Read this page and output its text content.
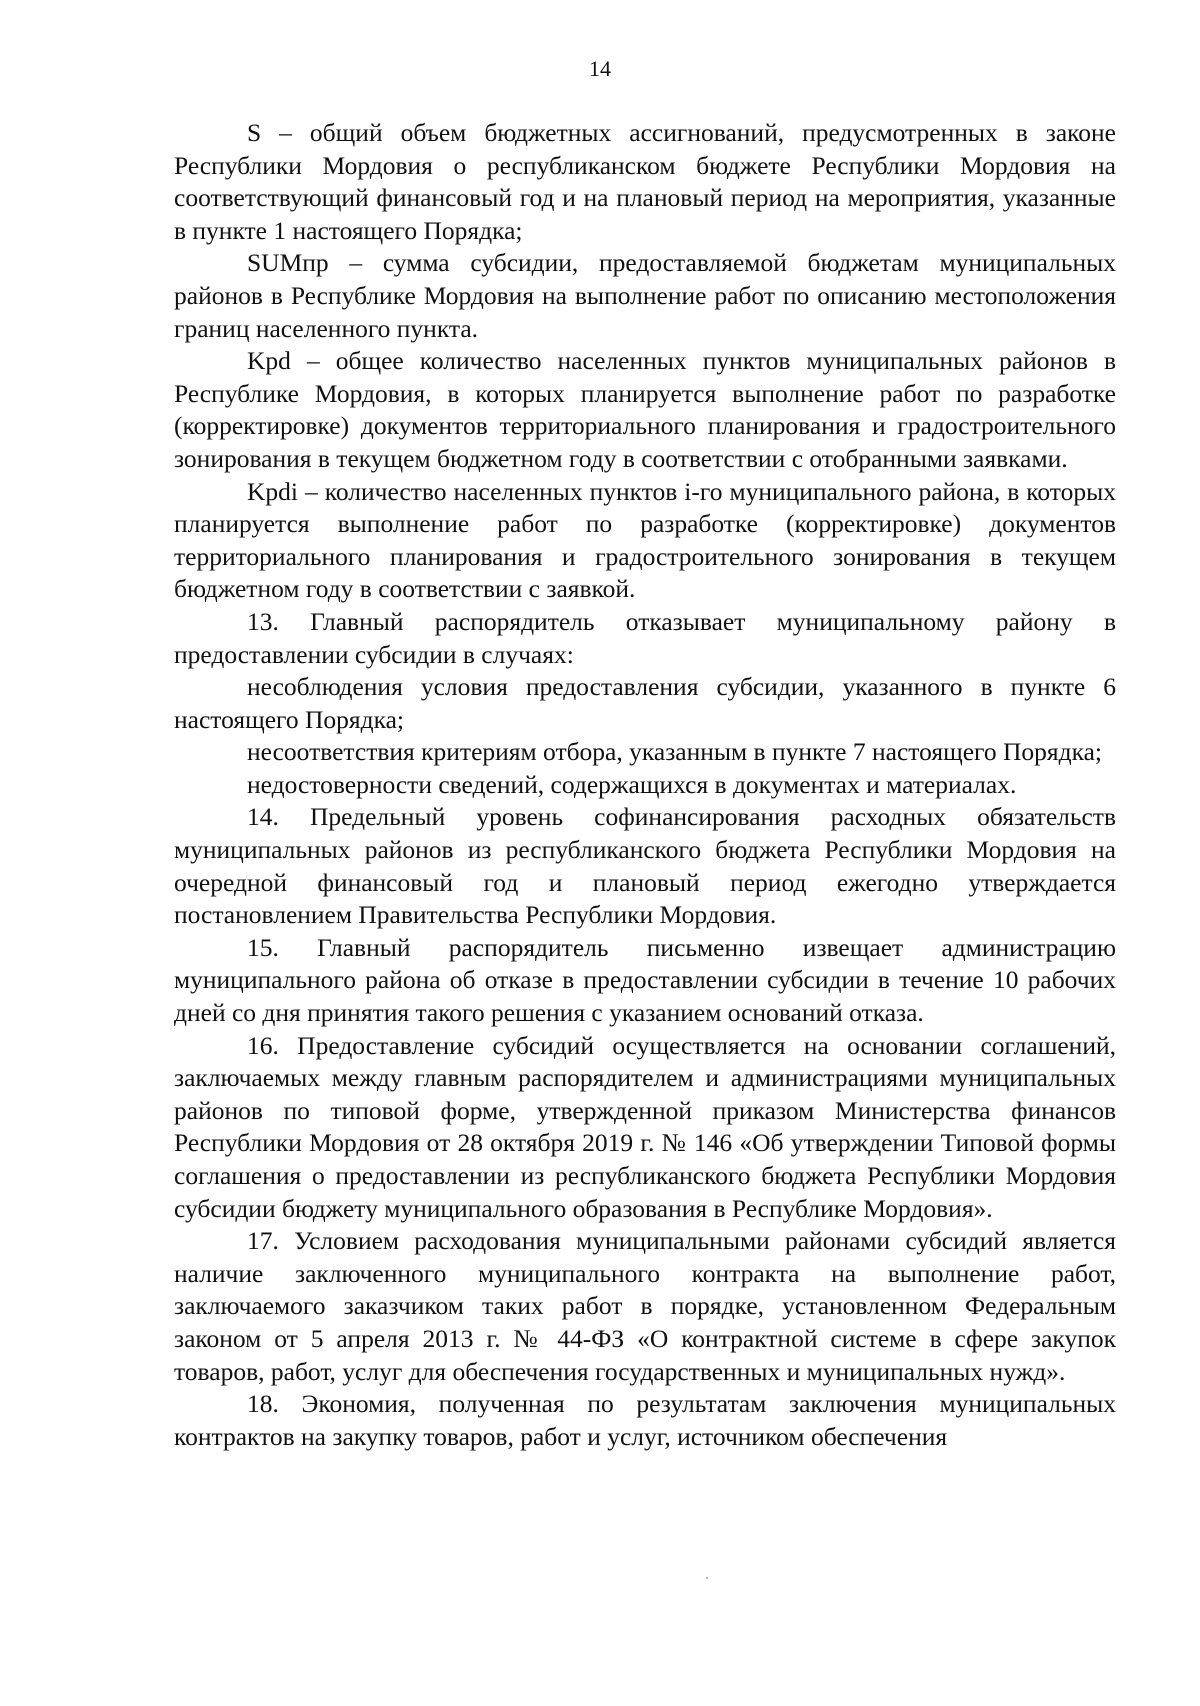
14

S – общий объем бюджетных ассигнований, предусмотренных в законе Республики Мордовия о республиканском бюджете Республики Мордовия на соответствующий финансовый год и на плановый период на мероприятия, указанные в пункте 1 настоящего Порядка;

SUMпр – сумма субсидии, предоставляемой бюджетам муниципальных районов в Республике Мордовия на выполнение работ по описанию местоположения границ населенного пункта.

Kpd – общее количество населенных пунктов муниципальных районов в Республике Мордовия, в которых планируется выполнение работ по разработке (корректировке) документов территориального планирования и градостроительного зонирования в текущем бюджетном году в соответствии с отобранными заявками.

Kpdi – количество населенных пунктов i-го муниципального района, в которых планируется выполнение работ по разработке (корректировке) документов территориального планирования и градостроительного зонирования в текущем бюджетном году в соответствии с заявкой.

13. Главный распорядитель отказывает муниципальному району в предоставлении субсидии в случаях:

несоблюдения условия предоставления субсидии, указанного в пункте 6 настоящего Порядка;

несоответствия критериям отбора, указанным в пункте 7 настоящего Порядка;

недостоверности сведений, содержащихся в документах и материалах.

14. Предельный уровень софинансирования расходных обязательств муниципальных районов из республиканского бюджета Республики Мордовия на очередной финансовый год и плановый период ежегодно утверждается постановлением Правительства Республики Мордовия.

15. Главный распорядитель письменно извещает администрацию муниципального района об отказе в предоставлении субсидии в течение 10 рабочих дней со дня принятия такого решения с указанием оснований отказа.

16. Предоставление субсидий осуществляется на основании соглашений, заключаемых между главным распорядителем и администрациями муниципальных районов по типовой форме, утвержденной приказом Министерства финансов Республики Мордовия от 28 октября 2019 г. № 146 «Об утверждении Типовой формы соглашения о предоставлении из республиканского бюджета Республики Мордовия субсидии бюджету муниципального образования в Республике Мордовия».

17. Условием расходования муниципальными районами субсидий является наличие заключенного муниципального контракта на выполнение работ, заключаемого заказчиком таких работ в порядке, установленном Федеральным законом от 5 апреля 2013 г. № 44-ФЗ «О контрактной системе в сфере закупок товаров, работ, услуг для обеспечения государственных и муниципальных нужд».

18. Экономия, полученная по результатам заключения муниципальных контрактов на закупку товаров, работ и услуг, источником обеспечения
